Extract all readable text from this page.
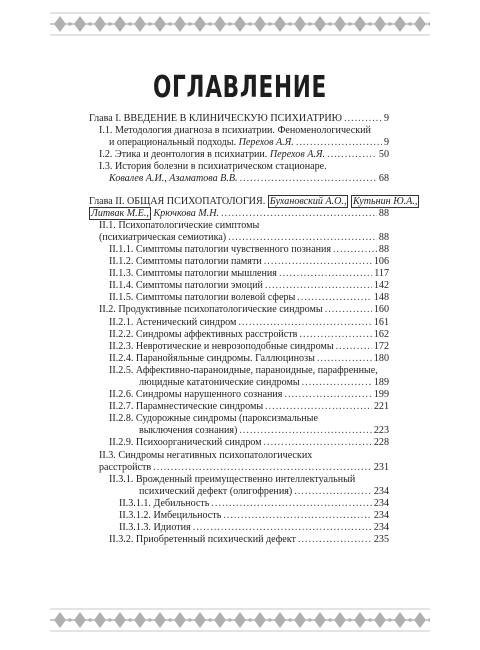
ОГЛАВЛЕНИЕ
Глава I. ВВЕДЕНИЕ В КЛИНИЧЕСКУЮ ПСИХИАТРИЮ .....	9
I.1. Методология диагноза в психиатрии. Феноменологический
и операциональный подходы. Перехов А.Я. .....	9
I.2. Этика и деонтология в психиатрии. Перехов А.Я. .....	50
I.3. История болезни в психиатрическом стационаре.
Ковалев А.И., Азаматова В.В. .....	68
Глава II. ОБЩАЯ ПСИХОПАТОЛОГИЯ. Бухановский А.О., Кутьнин Ю.А.,
Литвак М.Е., Крючкова М.Н. .....	88
II.1. Психопатологические симптомы
(психиатрическая семиотика) .....	88
II.1.1. Симптомы патологии чувственного познания .....	88
II.1.2. Симптомы патологии памяти .....	106
II.1.3. Симптомы патологии мышления .....	117
II.1.4. Симптомы патологии эмоций .....	142
II.1.5. Симптомы патологии волевой сферы .....	148
II.2. Продуктивные психопатологические синдромы .....	160
II.2.1. Астенический синдром .....	161
II.2.2. Синдромы аффективных расстройств .....	162
II.2.3. Невротические и неврозоподобные синдромы .....	172
II.2.4. Паранойяльные синдромы. Галлюцинозы .....	180
II.2.5. Аффективно-параноидные, параноидные, парафренные,
люцидные кататонические синдромы .....	189
II.2.6. Синдромы нарушенного сознания .....	199
II.2.7. Парамнестические синдромы .....	221
II.2.8. Судорожные синдромы (пароксизмальные
выключения сознания) .....	223
II.2.9. Психоорганический синдром .....	228
II.3. Синдромы негативных психопатологических
расстройств .....	231
II.3.1. Врожденный преимущественно интеллектуальный
психический дефект (олигофрения) .....	234
II.3.1.1. Дебильность .....	234
II.3.1.2. Имбецильность .....	234
II.3.1.3. Идиотия .....	234
II.3.2. Приобретенный психический дефект .....	235
